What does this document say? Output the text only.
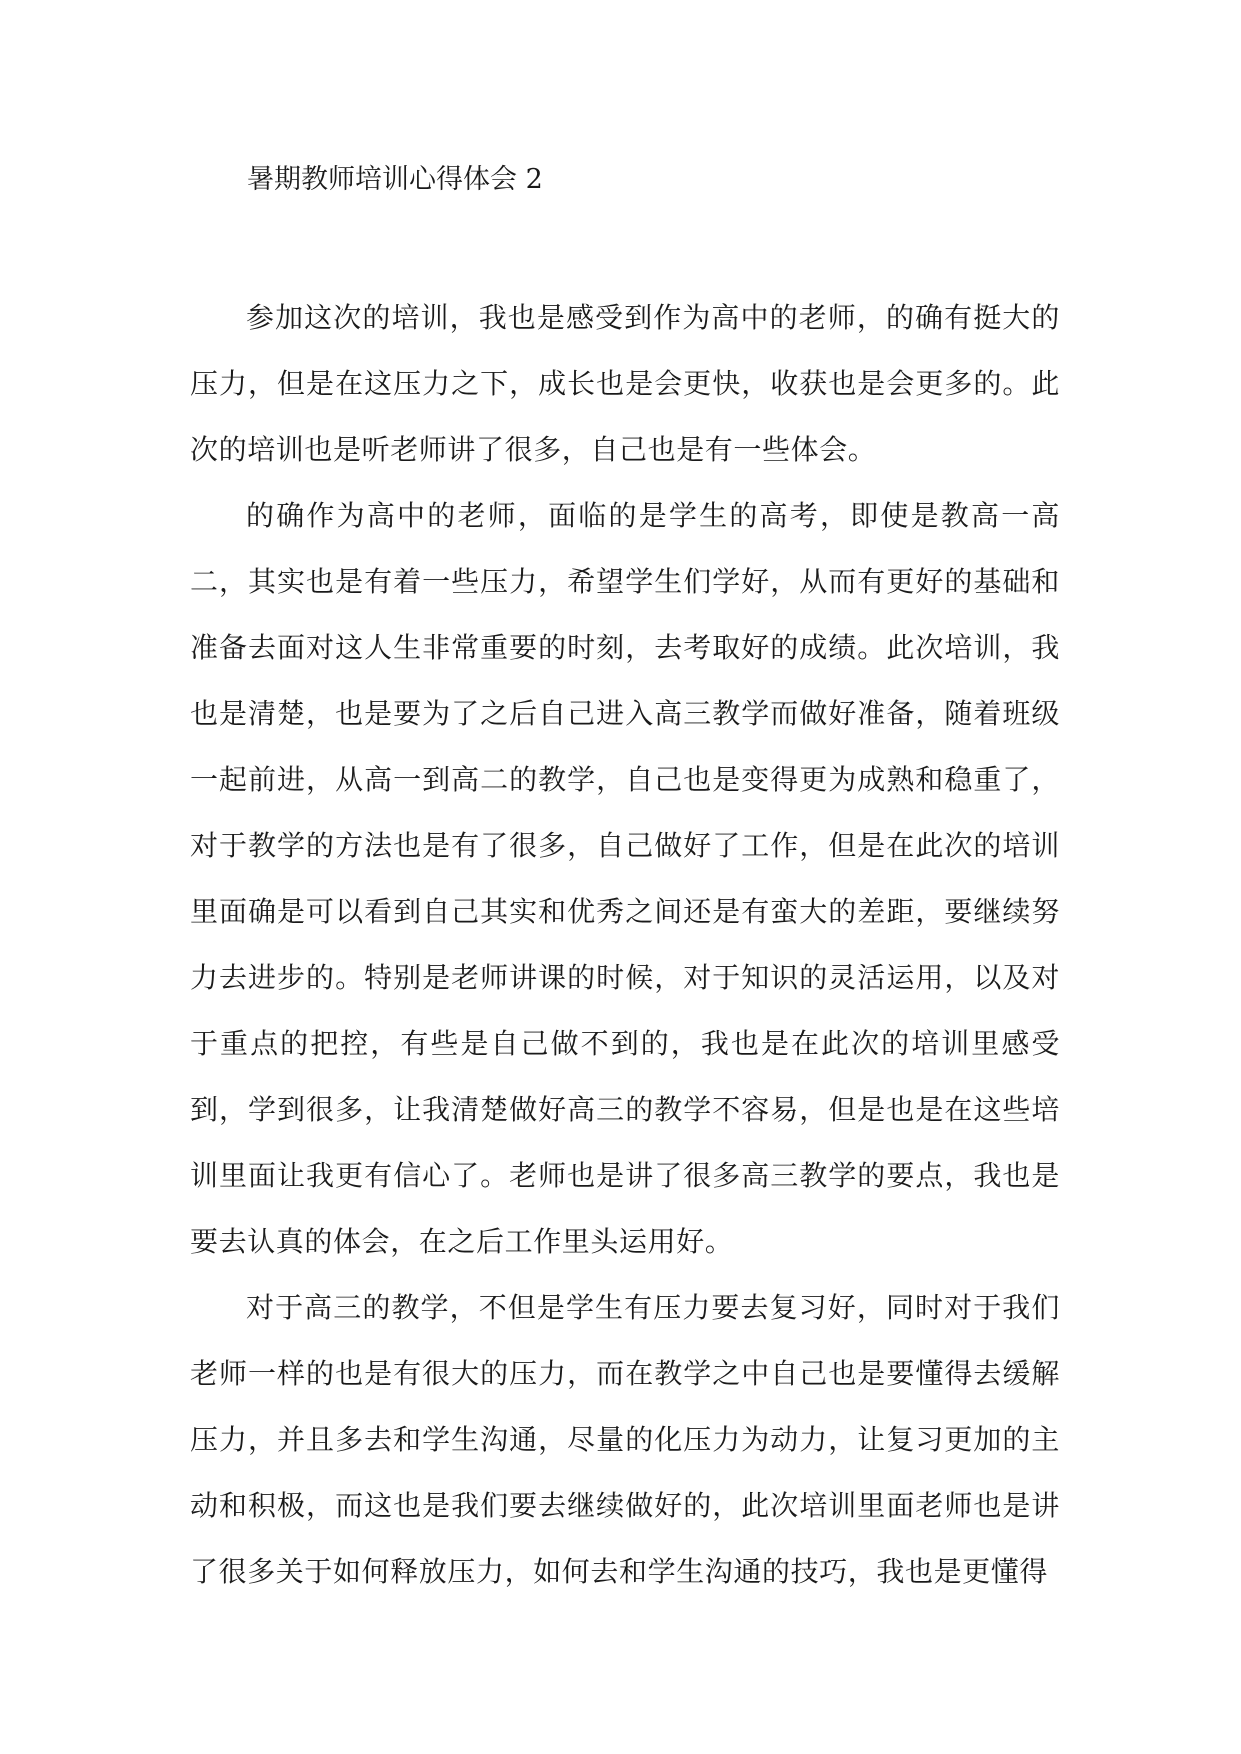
暑期教师培训心得体会 2

参加这次的培训，我也是感受到作为高中的老师，的确有挺大的压力，但是在这压力之下，成长也是会更快，收获也是会更多的。此次的培训也是听老师讲了很多，自己也是有一些体会。

的确作为高中的老师，面临的是学生的高考，即使是教高一高二，其实也是有着一些压力，希望学生们学好，从而有更好的基础和准备去面对这人生非常重要的时刻，去考取好的成绩。此次培训，我也是清楚，也是要为了之后自己进入高三教学而做好准备，随着班级一起前进，从高一到高二的教学，自己也是变得更为成熟和稳重了，对于教学的方法也是有了很多，自己做好了工作，但是在此次的培训里面确是可以看到自己其实和优秀之间还是有蛮大的差距，要继续努力去进步的。特别是老师讲课的时候，对于知识的灵活运用，以及对于重点的把控，有些是自己做不到的，我也是在此次的培训里感受到，学到很多，让我清楚做好高三的教学不容易，但是也是在这些培训里面让我更有信心了。老师也是讲了很多高三教学的要点，我也是要去认真的体会，在之后工作里头运用好。

对于高三的教学，不但是学生有压力要去复习好，同时对于我们老师一样的也是有很大的压力，而在教学之中自己也是要懂得去缓解压力，并且多去和学生沟通，尽量的化压力为动力，让复习更加的主动和积极，而这也是我们要去继续做好的，此次培训里面老师也是讲了很多关于如何释放压力，如何去和学生沟通的技巧，我也是更懂得
